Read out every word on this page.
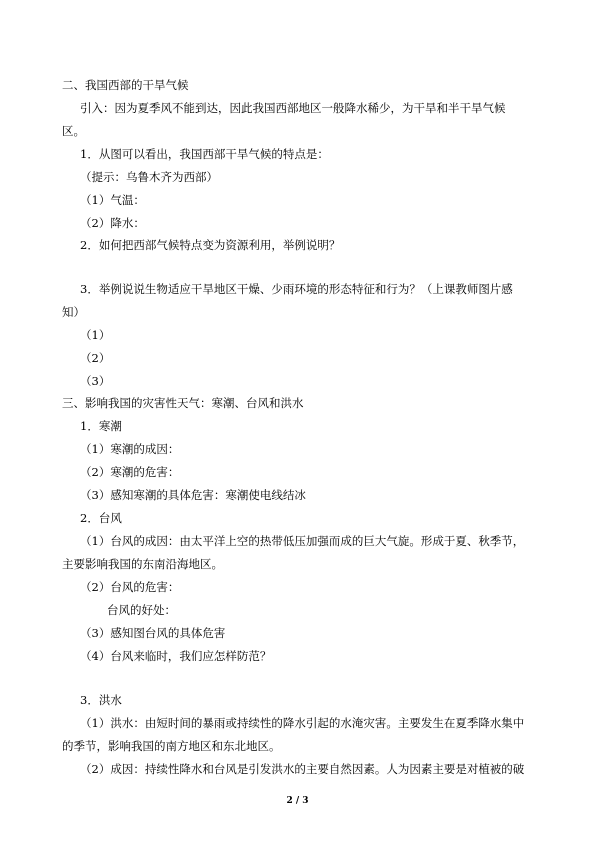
二、我国西部的干旱气候
引入：因为夏季风不能到达，因此我国西部地区一般降水稀少，为干旱和半干旱气候
区。
1．从图可以看出，我国西部干旱气候的特点是：
（提示：乌鲁木齐为西部）
（1）气温：
（2）降水：
2．如何把西部气候特点变为资源利用，举例说明？
3．举例说说生物适应干旱地区干燥、少雨环境的形态特征和行为？（上课教师图片感
知）
（1）
（2）
（3）
三、影响我国的灾害性天气：寒潮、台风和洪水
1．寒潮
（1）寒潮的成因：
（2）寒潮的危害：
（3）感知寒潮的具体危害：寒潮使电线结冰
2．台风
（1）台风的成因：由太平洋上空的热带低压加强而成的巨大气旋。形成于夏、秋季节，
主要影响我国的东南沿海地区。
（2）台风的危害：
台风的好处：
（3）感知图台风的具体危害
（4）台风来临时，我们应怎样防范？
3．洪水
（1）洪水：由短时间的暴雨或持续性的降水引起的水淹灾害。主要发生在夏季降水集中
的季节，影响我国的南方地区和东北地区。
（2）成因：持续性降水和台风是引发洪水的主要自然因素。人为因素主要是对植被的破
2 / 3
